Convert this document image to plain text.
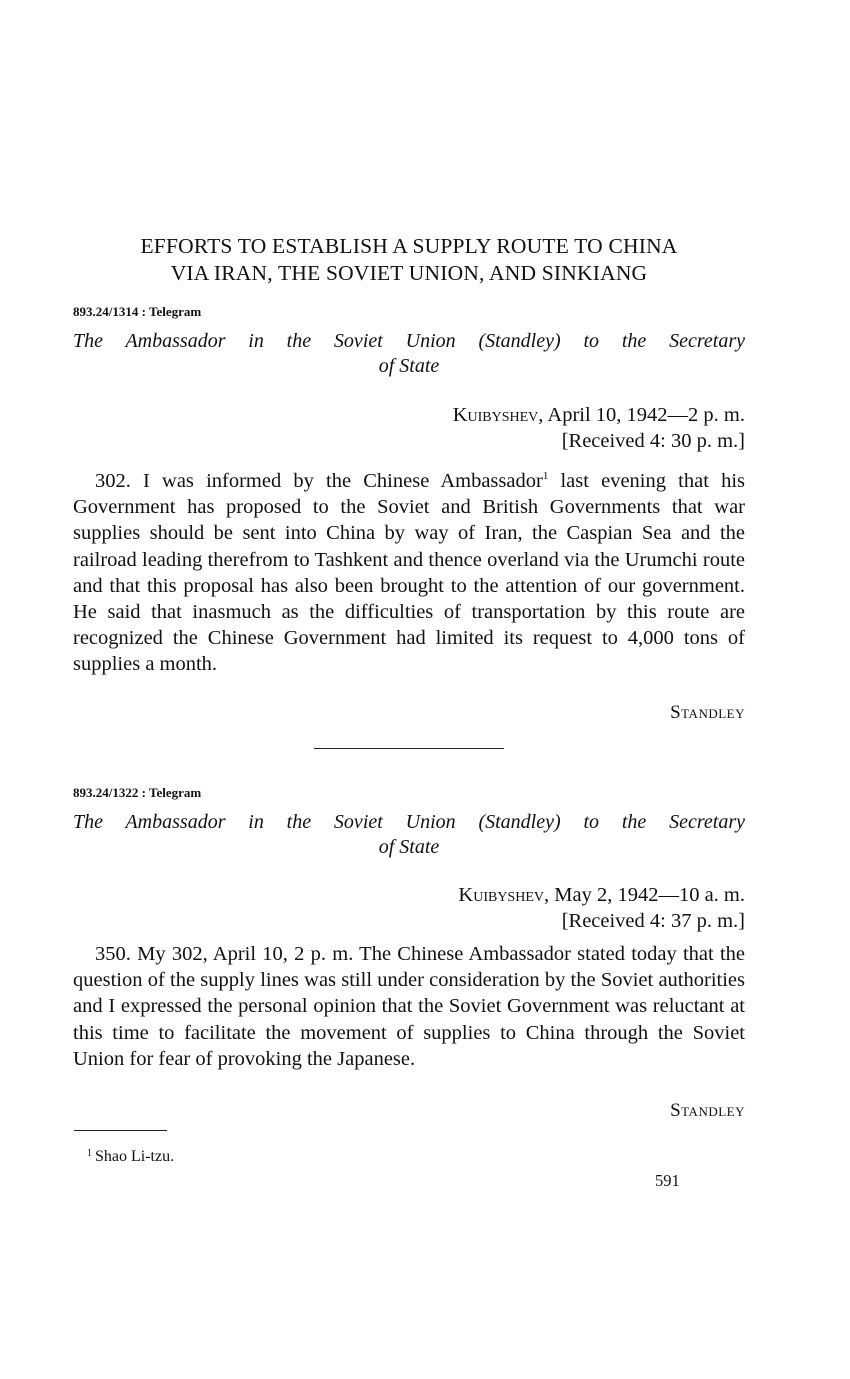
EFFORTS TO ESTABLISH A SUPPLY ROUTE TO CHINA
VIA IRAN, THE SOVIET UNION, AND SINKIANG
893.24/1314 : Telegram
The Ambassador in the Soviet Union (Standley) to the Secretary
of State
Kuibyshev, April 10, 1942—2 p. m.
[Received 4: 30 p. m.]

302. I was informed by the Chinese Ambassador$^1$ last evening that his Government has proposed to the Soviet and British Governments that war supplies should be sent into China by way of Iran, the Caspian Sea and the railroad leading therefrom to Tashkent and thence overland via the Urumchi route and that this proposal has also been brought to the attention of our government. He said that inasmuch as the difficulties of transportation by this route are recognized the Chinese Government had limited its request to 4,000 tons of supplies a month.

Standley
893.24/1322 : Telegram
The Ambassador in the Soviet Union (Standley) to the Secretary
of State
Kuibyshev, May 2, 1942—10 a. m.
[Received 4: 37 p. m.]

350. My 302, April 10, 2 p. m. The Chinese Ambassador stated today that the question of the supply lines was still under consideration by the Soviet authorities and I expressed the personal opinion that the Soviet Government was reluctant at this time to facilitate the movement of supplies to China through the Soviet Union for fear of provoking the Japanese.

Standley
$^1$ Shao Li-tzu.
591
